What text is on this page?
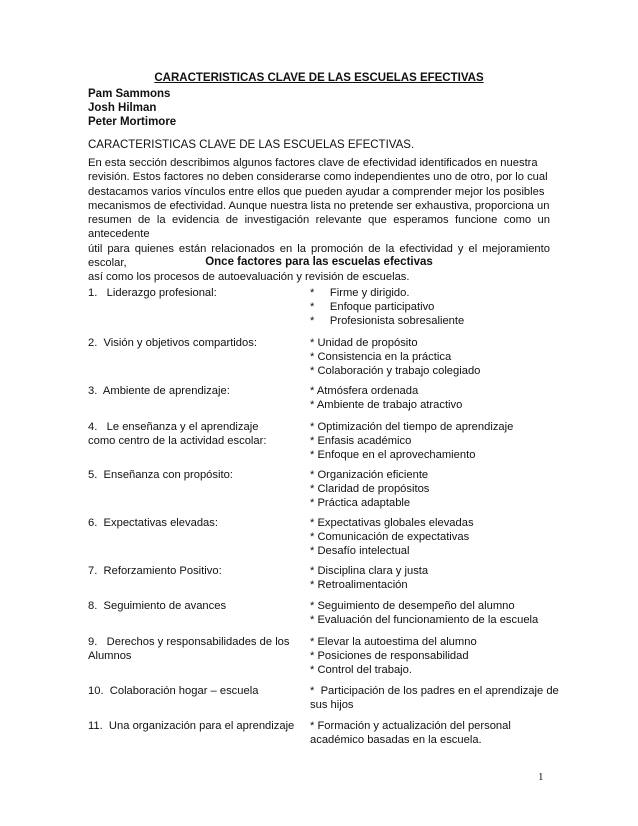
CARACTERISTICAS CLAVE DE LAS ESCUELAS EFECTIVAS
Pam Sammons
Josh Hilman
Peter Mortimore
CARACTERISTICAS CLAVE DE LAS ESCUELAS EFECTIVAS.
En esta sección describimos algunos factores clave de efectividad identificados en nuestra
revisión. Estos factores no deben considerarse como independientes uno de otro, por lo cual
destacamos varios vínculos entre ellos que pueden ayudar a comprender mejor los posibles
mecanismos de efectividad. Aunque nuestra lista no pretende ser exhaustiva, proporciona un
resumen de la evidencia de investigación relevante que esperamos funcione como un antecedente
útil para quienes están relacionados en la promoción de la efectividad y el mejoramiento escolar,
así como los procesos de autoevaluación y revisión de escuelas.
Once factores para las escuelas efectivas
1.   Liderazgo profesional:	*     Firme y dirigido.
*     Enfoque participativo
*     Profesionista sobresaliente
2.  Visión y objetivos compartidos:	* Unidad de propósito
* Consistencia en la práctica
* Colaboración y trabajo colegiado
3.  Ambiente de aprendizaje:	* Atmósfera ordenada
* Ambiente de trabajo atractivo
4.   Le enseñanza y el aprendizaje
como centro de la actividad escolar:
* Optimización del tiempo de aprendizaje
* Enfasis académico
* Enfoque en el aprovechamiento
5.  Enseñanza con propósito:	* Organización eficiente
* Claridad de propósitos
* Práctica adaptable
6.  Expectativas elevadas:	* Expectativas globales elevadas
* Comunicación de expectativas
* Desafío intelectual
7.  Reforzamiento Positivo:	* Disciplina clara y justa
* Retroalimentación
8.  Seguimiento de avances	* Seguimiento de desempeño del alumno
* Evaluación del funcionamiento de la escuela
9.   Derechos y responsabilidades de los
Alumnos
* Elevar la autoestima del alumno
* Posiciones de responsabilidad
* Control del trabajo.
10.  Colaboración hogar – escuela	*  Participación de los padres en el aprendizaje de
sus hijos
11.  Una organización para el aprendizaje * Formación y actualización del personal
académico basadas en la escuela.
1
